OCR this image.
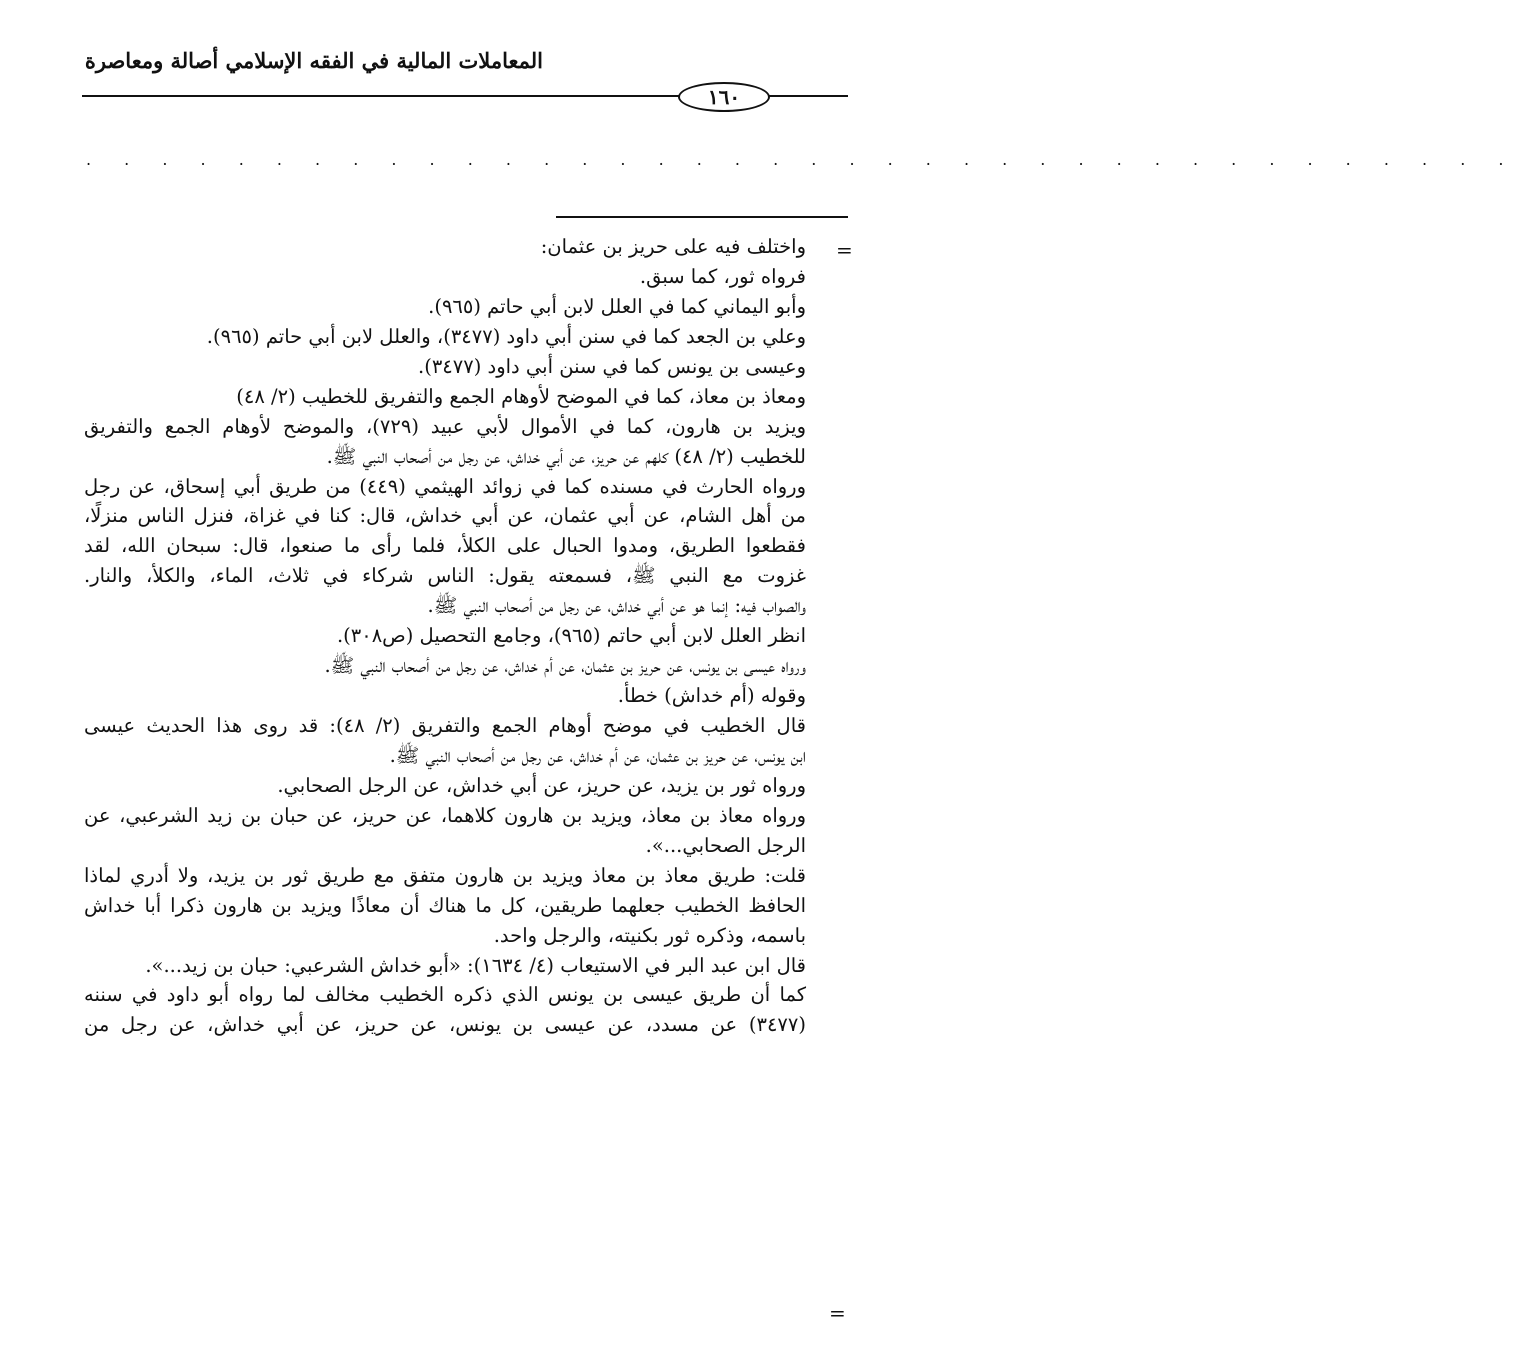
المعاملات المالية في الفقه الإسلامي أصالة ومعاصرة
١٦٠
. . . . . . . . . . . . . . . . . . . . . . . . . . . . . . . . . . . . . .
=
واختلف فيه على حريز بن عثمان:
فرواه ثور، كما سبق.
وأبو اليماني كما في العلل لابن أبي حاتم (٩٦٥).
وعلي بن الجعد كما في سنن أبي داود (٣٤٧٧)، والعلل لابن أبي حاتم (٩٦٥).
وعيسى بن يونس كما في سنن أبي داود (٣٤٧٧).
ومعاذ بن معاذ، كما في الموضح لأوهام الجمع والتفريق للخطيب (٢/ ٤٨)
ويزيد بن هارون، كما في الأموال لأبي عبيد (٧٢٩)، والموضح لأوهام الجمع والتفريق
للخطيب (٢/ ٤٨) كلهم عن حريز، عن أبي خداش، عن رجل من أصحاب النبي ﷺ.
ورواه الحارث في مسنده كما في زوائد الهيثمي (٤٤٩) من طريق أبي إسحاق، عن رجل
من أهل الشام، عن أبي عثمان، عن أبي خداش، قال: كنا في غزاة، فنزل الناس منزلًا،
فقطعوا الطريق، ومدوا الحبال على الكلأ، فلما رأى ما صنعوا، قال: سبحان الله، لقد
غزوت مع النبي ﷺ، فسمعته يقول: الناس شركاء في ثلاث، الماء، والكلأ، والنار.
والصواب فيه: إنما هو عن أبي خداش، عن رجل من أصحاب النبي ﷺ.
انظر العلل لابن أبي حاتم (٩٦٥)، وجامع التحصيل (ص٣٠٨).
ورواه عيسى بن يونس، عن حريز بن عثمان، عن أم خداش، عن رجل من أصحاب النبي ﷺ.
وقوله (أم خداش) خطأ.
قال الخطيب في موضح أوهام الجمع والتفريق (٢/ ٤٨): قد روى هذا الحديث عيسى
ابن يونس، عن حريز بن عثمان، عن أم خداش، عن رجل من أصحاب النبي ﷺ.
ورواه ثور بن يزيد، عن حريز، عن أبي خداش، عن الرجل الصحابي.
ورواه معاذ بن معاذ، ويزيد بن هارون كلاهما، عن حريز، عن حبان بن زيد الشرعبي، عن
الرجل الصحابي...».
قلت: طريق معاذ بن معاذ ويزيد بن هارون متفق مع طريق ثور بن يزيد، ولا أدري لماذا
الحافظ الخطيب جعلهما طريقين، كل ما هناك أن معاذًا ويزيد بن هارون ذكرا أبا خداش
باسمه، وذكره ثور بكنيته، والرجل واحد.
قال ابن عبد البر في الاستيعاب (٤/ ١٦٣٤): «أبو خداش الشرعبي: حبان بن زيد...».
كما أن طريق عيسى بن يونس الذي ذكره الخطيب مخالف لما رواه أبو داود في سننه
(٣٤٧٧) عن مسدد، عن عيسى بن يونس، عن حريز، عن أبي خداش، عن رجل من
=
